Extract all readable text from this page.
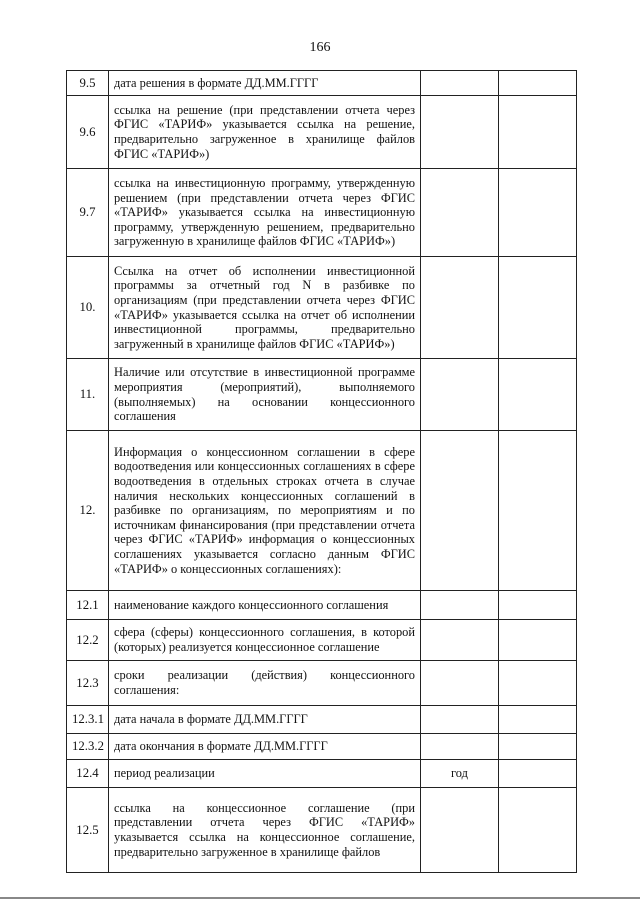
166
9.5	дата решения в формате ДД.ММ.ГГГГ		
9.6	ссылка на решение (при представлении отчета через ФГИС «ТАРИФ» указывается ссылка на решение, предварительно загруженное в хранилище файлов ФГИС «ТАРИФ»)		
9.7	ссылка на инвестиционную программу, утвержденную решением (при представлении отчета через ФГИС «ТАРИФ» указывается ссылка на инвестиционную программу, утвержденную решением, предварительно загруженную в хранилище файлов ФГИС «ТАРИФ»)		
10.	Ссылка на отчет об исполнении инвестиционной программы за отчетный год N в разбивке по организациям (при представлении отчета через ФГИС «ТАРИФ» указывается ссылка на отчет об исполнении инвестиционной программы, предварительно загруженный в хранилище файлов ФГИС «ТАРИФ»)		
11.	Наличие или отсутствие в инвестиционной программе мероприятия (мероприятий), выполняемого (выполняемых) на основании концессионного соглашения		
12.	Информация о концессионном соглашении в сфере водоотведения или концессионных соглашениях в сфере водоотведения в отдельных строках отчета в случае наличия нескольких концессионных соглашений в разбивке по организациям, по мероприятиям и по источникам финансирования (при представлении отчета через ФГИС «ТАРИФ» информация о концессионных соглашениях указывается согласно данным ФГИС «ТАРИФ» о концессионных соглашениях):		
12.1	наименование каждого концессионного соглашения		
12.2	сфера (сферы) концессионного соглашения, в которой (которых) реализуется концессионное соглашение		
12.3	сроки реализации (действия) концессионного соглашения:		
12.3.1	дата начала в формате ДД.ММ.ГГГГ		
12.3.2	дата окончания в формате ДД.ММ.ГГГГ		
12.4	период реализации	год	
12.5	ссылка на концессионное соглашение (при представлении отчета через ФГИС «ТАРИФ» указывается ссылка на концессионное соглашение, предварительно загруженное в хранилище файлов		
